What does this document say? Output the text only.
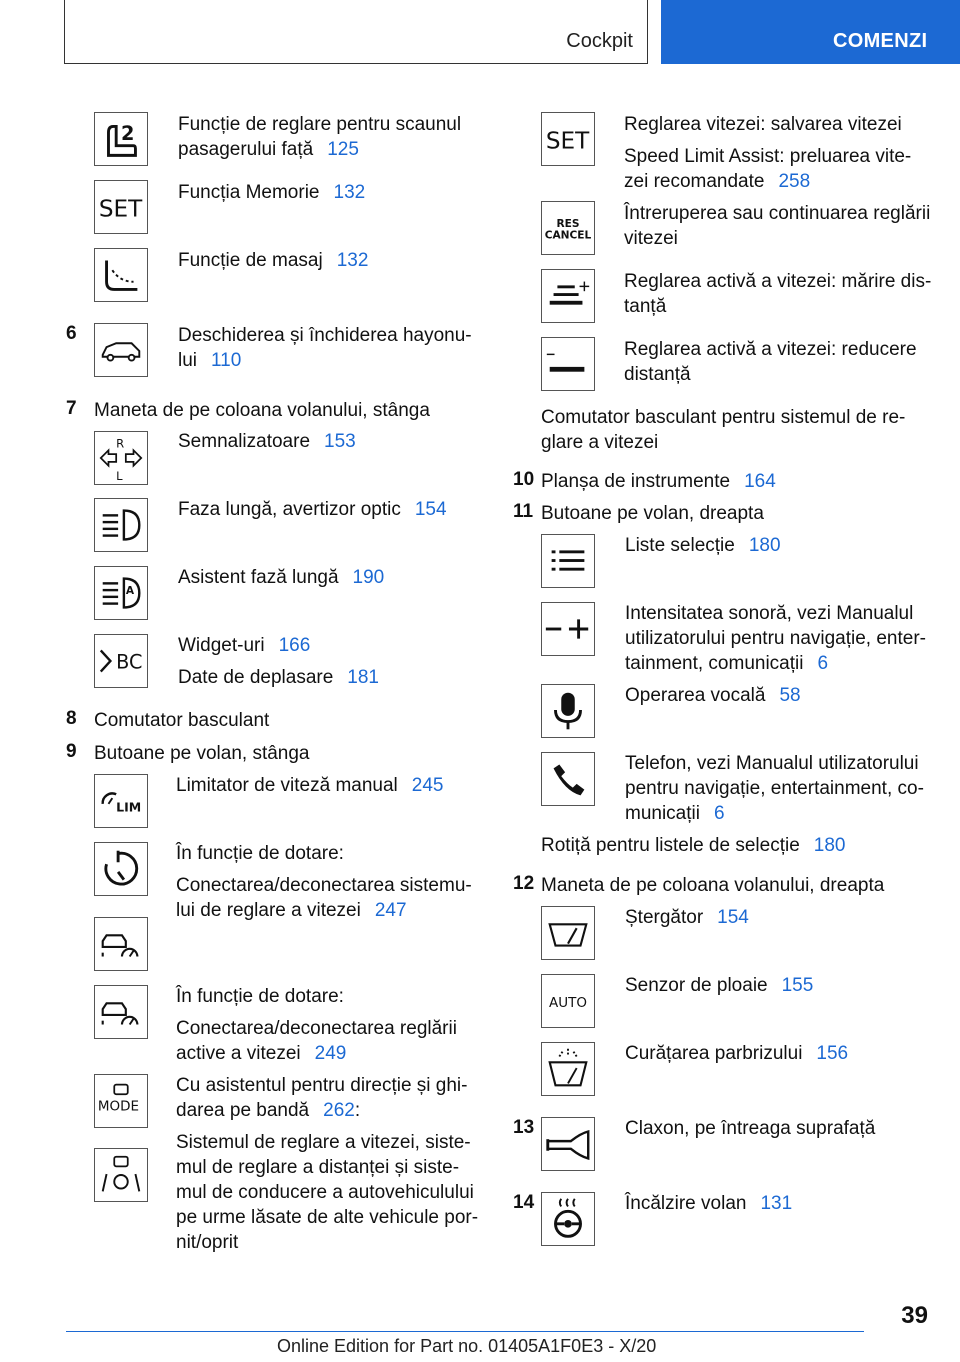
Cockpit	COMENZI
2 Funcție de reglare pentru scaunul
pasagerului față 125
SET
Funcția Memorie 132
Funcție de masaj 132
6	Deschiderea și închiderea hayonu-
lui 110
7 Maneta de pe coloana volanului, stânga
R
L
Semnalizatoare 153
Faza lungă, avertizor optic 154
A
Asistent fază lungă 190
BC
Widget-uri 166
Date de deplasare 181
8 Comutator basculant
9 Butoane pe volan, stânga
LIM
Limitator de viteză manual 245
În funcție de dotare:
Conectarea/deconectarea sistemu-
lui de reglare a vitezei 247
În funcție de dotare:
Conectarea/deconectarea reglării
active a vitezei 249
MODE
Cu asistentul pentru direcție și ghi-
darea pe bandă 262:
Sistemul de reglare a vitezei, siste-
mul de reglare a distanței și siste-
mul de conducere a autovehiculului
pe urme lăsate de alte vehicule por-
nit/oprit
SET
Reglarea vitezei: salvarea vitezei
Speed Limit Assist: preluarea vite-
zei recomandate 258
RES
CANCEL
Întreruperea sau continuarea reglării
vitezei
Reglarea activă a vitezei: mărire dis-
tanță
Reglarea activă a vitezei: reducere
distanță
Comutator basculant pentru sistemul de re-
glare a vitezei
10 Planșa de instrumente 164
11 Butoane pe volan, dreapta
Liste selecție 180
Intensitatea sonoră, vezi Manualul
utilizatorului pentru navigație, enter-
tainment, comunicații 6
Operarea vocală 58
Telefon, vezi Manualul utilizatorului
pentru navigație, entertainment, co-
municații 6
Rotiță pentru listele de selecție 180
12 Maneta de pe coloana volanului, dreapta
Ștergător 154
AUTO
Senzor de ploaie 155
Curățarea parbrizului 156
13	Claxon, pe întreaga suprafață
14	Încălzire volan 131
39
Online Edition for Part no. 01405A1F0E3 - X/20
